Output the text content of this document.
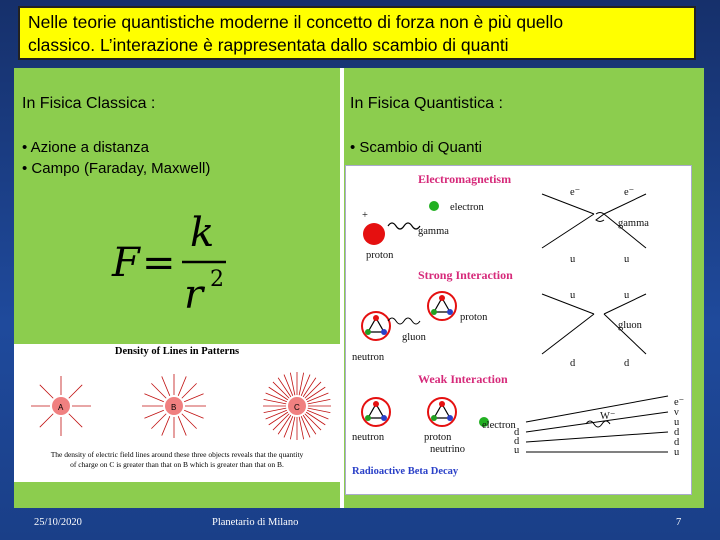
Nelle teorie quantistiche moderne il concetto di forza non è più quello
classico. L’interazione è rappresentata dallo scambio di quanti
In Fisica Classica :
• Azione a distanza
• Campo (Faraday, Maxwell)
F =
k
r 2
Density of Lines in Patterns
A	B	C
The density of electric field lines around these three objects reveals that the quantity
of charge on C is greater than that on B which is greater than that on B.
In Fisica Quantistica :
• Scambio di Quanti
Electromagnetism
+
electron
gamma
proton
e⁻	e⁻
gamma
u	u
Strong Interaction
proton
gluon
neutron
u	u
gluon
d	d
Weak Interaction
neutron	proton
electron
neutrino
W⁻
d
d
u
e⁻
ν
u
d
d
u
Radioactive Beta Decay
25/10/2020	Planetario di Milano	7
